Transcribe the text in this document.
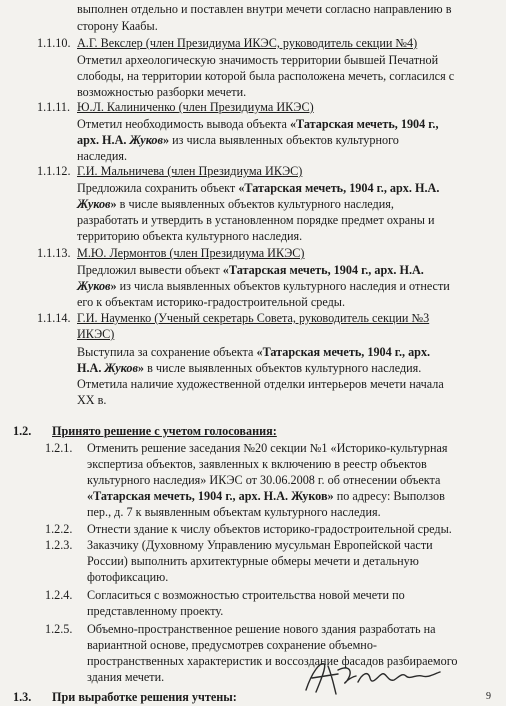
выполнен отдельно и поставлен внутри мечети согласно направлению в
сторону Каабы.
1.1.10. А.Г. Векслер (член Президиума ИКЭС, руководитель секции №4)
Отметил археологическую значимость территории бывшей Печатной
слободы, на территории которой была расположена мечеть, согласился с
возможностью разборки мечети.
1.1.11. Ю.Л. Калиниченко (член Президиума ИКЭС)
Отметил необходимость вывода объекта «Татарская мечеть, 1904 г.,
арх. Н.А. Жуков» из числа выявленных объектов культурного
наследия.
1.1.12. Г.И. Мальничева (член Президиума ИКЭС)
Предложила сохранить объект «Татарская мечеть, 1904 г., арх. Н.А.
Жуков» в числе выявленных объектов культурного наследия,
разработать и утвердить в установленном порядке предмет охраны и
территорию объекта культурного наследия.
1.1.13. М.Ю. Лермонтов (член Президиума ИКЭС)
Предложил вывести объект «Татарская мечеть, 1904 г., арх. Н.А.
Жуков» из числа выявленных объектов культурного наследия и отнести
его к объектам историко-градостроительной среды.
1.1.14. Г.И. Науменко (Ученый секретарь Совета, руководитель секции №3
ИКЭС)
Выступила за сохранение объекта «Татарская мечеть, 1904 г., арх.
Н.А. Жуков» в числе выявленных объектов культурного наследия.
Отметила наличие художественной отделки интерьеров мечети начала
XX в.
1.2. Принято решение с учетом голосования:
1.2.1. Отменить решение заседания №20 секции №1 «Историко-культурная
экспертиза объектов, заявленных к включению в реестр объектов
культурного наследия» ИКЭС от 30.06.2008 г. об отнесении объекта
«Татарская мечеть, 1904 г., арх. Н.А. Жуков» по адресу: Выползов
пер., д. 7 к выявленным объектам культурного наследия.
1.2.2. Отнести здание к числу объектов историко-градостроительной среды.
1.2.3. Заказчику (Духовному Управлению мусульман Европейской части
России) выполнить архитектурные обмеры мечети и детальную
фотофиксацию.
1.2.4. Согласиться с возможностью строительства новой мечети по
представленному проекту.
1.2.5. Объемно-пространственное решение нового здания разработать на
вариантной основе, предусмотрев сохранение объемно-
пространственных характеристик и воссоздание фасадов разбираемого
здания мечети.
1.3. При выработке решения учтены:	9
